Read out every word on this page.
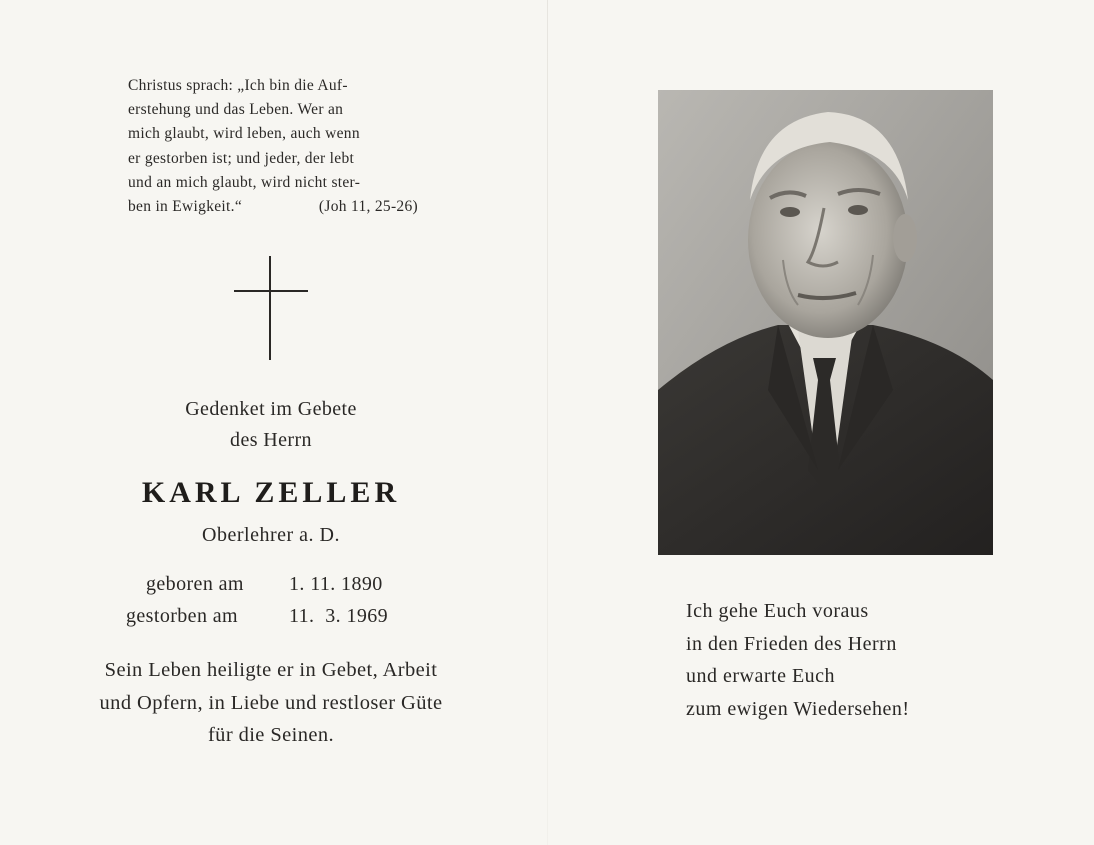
Christus sprach: „Ich bin die Auf-
erstehung und das Leben. Wer an
mich glaubt, wird leben, auch wenn
er gestorben ist; und jeder, der lebt
und an mich glaubt, wird nicht ster-
ben in Ewigkeit.“	(Joh 11, 25-26)
Gedenket im Gebete
des Herrn
KARL ZELLER
Oberlehrer a. D.
geboren am 1. 11. 1890
gestorben am	11.  3. 1969
Sein Leben heiligte er in Gebet, Arbeit
und Opfern, in Liebe und restloser Güte
für die Seinen.
Ich gehe Euch voraus
in den Frieden des Herrn
und erwarte Euch
zum ewigen Wiedersehen!
